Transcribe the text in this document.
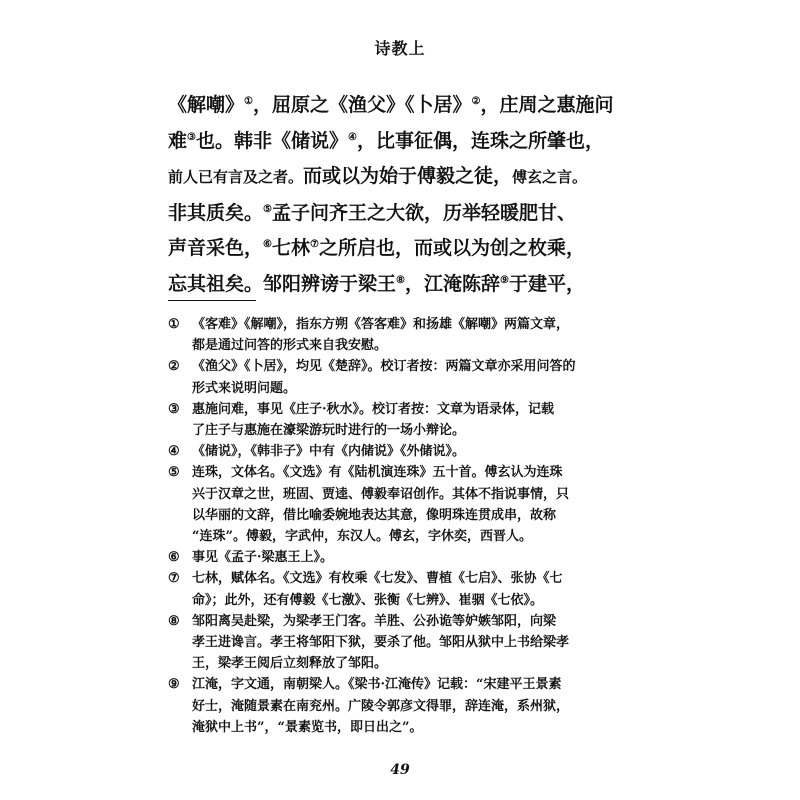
诗教上
《解嘲》①，屈原之《渔父》《卜居》②，庄周之惠施问
难③也。韩非《储说》④，比事征偶，连珠之所肇也，
前人已有言及之者。而或以为始于傅毅之徒，傅玄之言。
非其质矣。⑤孟子问齐王之大欲，历举轻暖肥甘、
声音采色，⑥七林⑦之所启也，而或以为创之枚乘，
忘其祖矣。邹阳辨谤于梁王⑧，江淹陈辞⑨于建平，
① 《客难》《解嘲》，指东方朔《答客难》和扬雄《解嘲》两篇文章，
都是通过问答的形式来自我安慰。
② 《渔父》《卜居》，均见《楚辞》。校订者按：两篇文章亦采用问答的
形式来说明问题。
③ 惠施问难，事见《庄子·秋水》。校订者按：文章为语录体，记载
了庄子与惠施在濠梁游玩时进行的一场小辩论。
④ 《储说》，《韩非子》中有《内储说》《外储说》。
⑤ 连珠，文体名。《文选》有《陆机演连珠》五十首。傅玄认为连珠
兴于汉章之世，班固、贾逵、傅毅奉诏创作。其体不指说事情，只
以华丽的文辞，借比喻委婉地表达其意，像明珠连贯成串，故称
“连珠”。傅毅，字武仲，东汉人。傅玄，字休奕，西晋人。
⑥ 事见《孟子·梁惠王上》。
⑦ 七林，赋体名。《文选》有枚乘《七发》、曹植《七启》、张协《七
命》；此外，还有傅毅《七激》、张衡《七辨》、崔骃《七依》。
⑧ 邹阳离吴赴梁，为梁孝王门客。羊胜、公孙诡等妒嫉邹阳，向梁
孝王进谗言。孝王将邹阳下狱，要杀了他。邹阳从狱中上书给梁孝
王，梁孝王阅后立刻释放了邹阳。
⑨ 江淹，字文通，南朝梁人。《梁书·江淹传》记载：“宋建平王景素
好士，淹随景素在南兖州。广陵令郭彦文得罪，辞连淹，系州狱，
淹狱中上书”，“景素览书，即日出之”。
49
